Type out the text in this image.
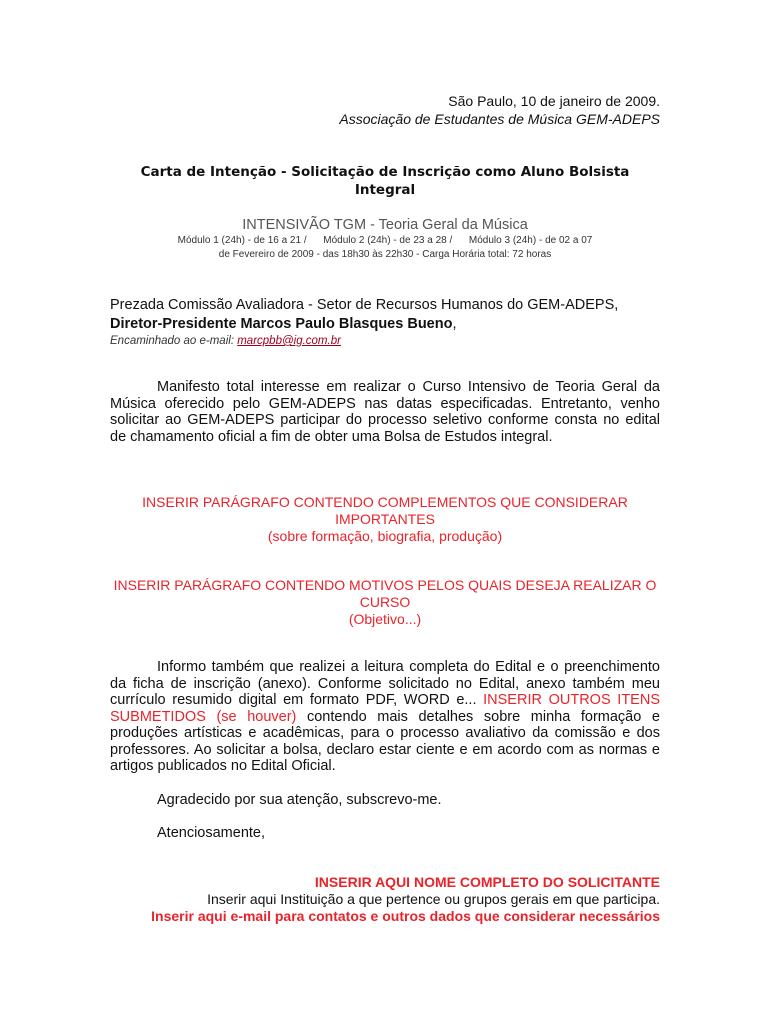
São Paulo, 10 de janeiro de 2009.
Associação de Estudantes de Música GEM-ADEPS
Carta de Intenção - Solicitação de Inscrição como Aluno Bolsista Integral
INTENSIVÃO TGM - Teoria Geral da Música
Módulo 1 (24h) - de 16 a 21 /      Módulo 2 (24h) - de 23 a 28 /      Módulo 3 (24h) - de 02 a 07
de Fevereiro de 2009 - das 18h30 às 22h30 - Carga Horária total: 72 horas
Prezada Comissão Avaliadora - Setor de Recursos Humanos do GEM-ADEPS,
Diretor-Presidente Marcos Paulo Blasques Bueno,
Encaminhado ao e-mail: marcpbb@ig.com.br
Manifesto total interesse em realizar o Curso Intensivo de Teoria Geral da Música oferecido pelo GEM-ADEPS nas datas especificadas. Entretanto, venho solicitar ao GEM-ADEPS participar do processo seletivo conforme consta no edital de chamamento oficial a fim de obter uma Bolsa de Estudos integral.
INSERIR PARÁGRAFO CONTENDO COMPLEMENTOS QUE CONSIDERAR IMPORTANTES
(sobre formação, biografia, produção)
INSERIR PARÁGRAFO CONTENDO MOTIVOS PELOS QUAIS DESEJA REALIZAR O CURSO
(Objetivo...)
Informo também que realizei a leitura completa do Edital e o preenchimento da ficha de inscrição (anexo). Conforme solicitado no Edital, anexo também meu currículo resumido digital em formato PDF, WORD e... INSERIR OUTROS ITENS SUBMETIDOS (se houver) contendo mais detalhes sobre minha formação e produções artísticas e acadêmicas, para o processo avaliativo da comissão e dos professores. Ao solicitar a bolsa, declaro estar ciente e em acordo com as normas e artigos publicados no Edital Oficial.
Agradecido por sua atenção, subscrevo-me.
Atenciosamente,
INSERIR AQUI NOME COMPLETO DO SOLICITANTE
Inserir aqui Instituição a que pertence ou grupos gerais em que participa.
Inserir aqui e-mail para contatos e outros dados que considerar necessários
